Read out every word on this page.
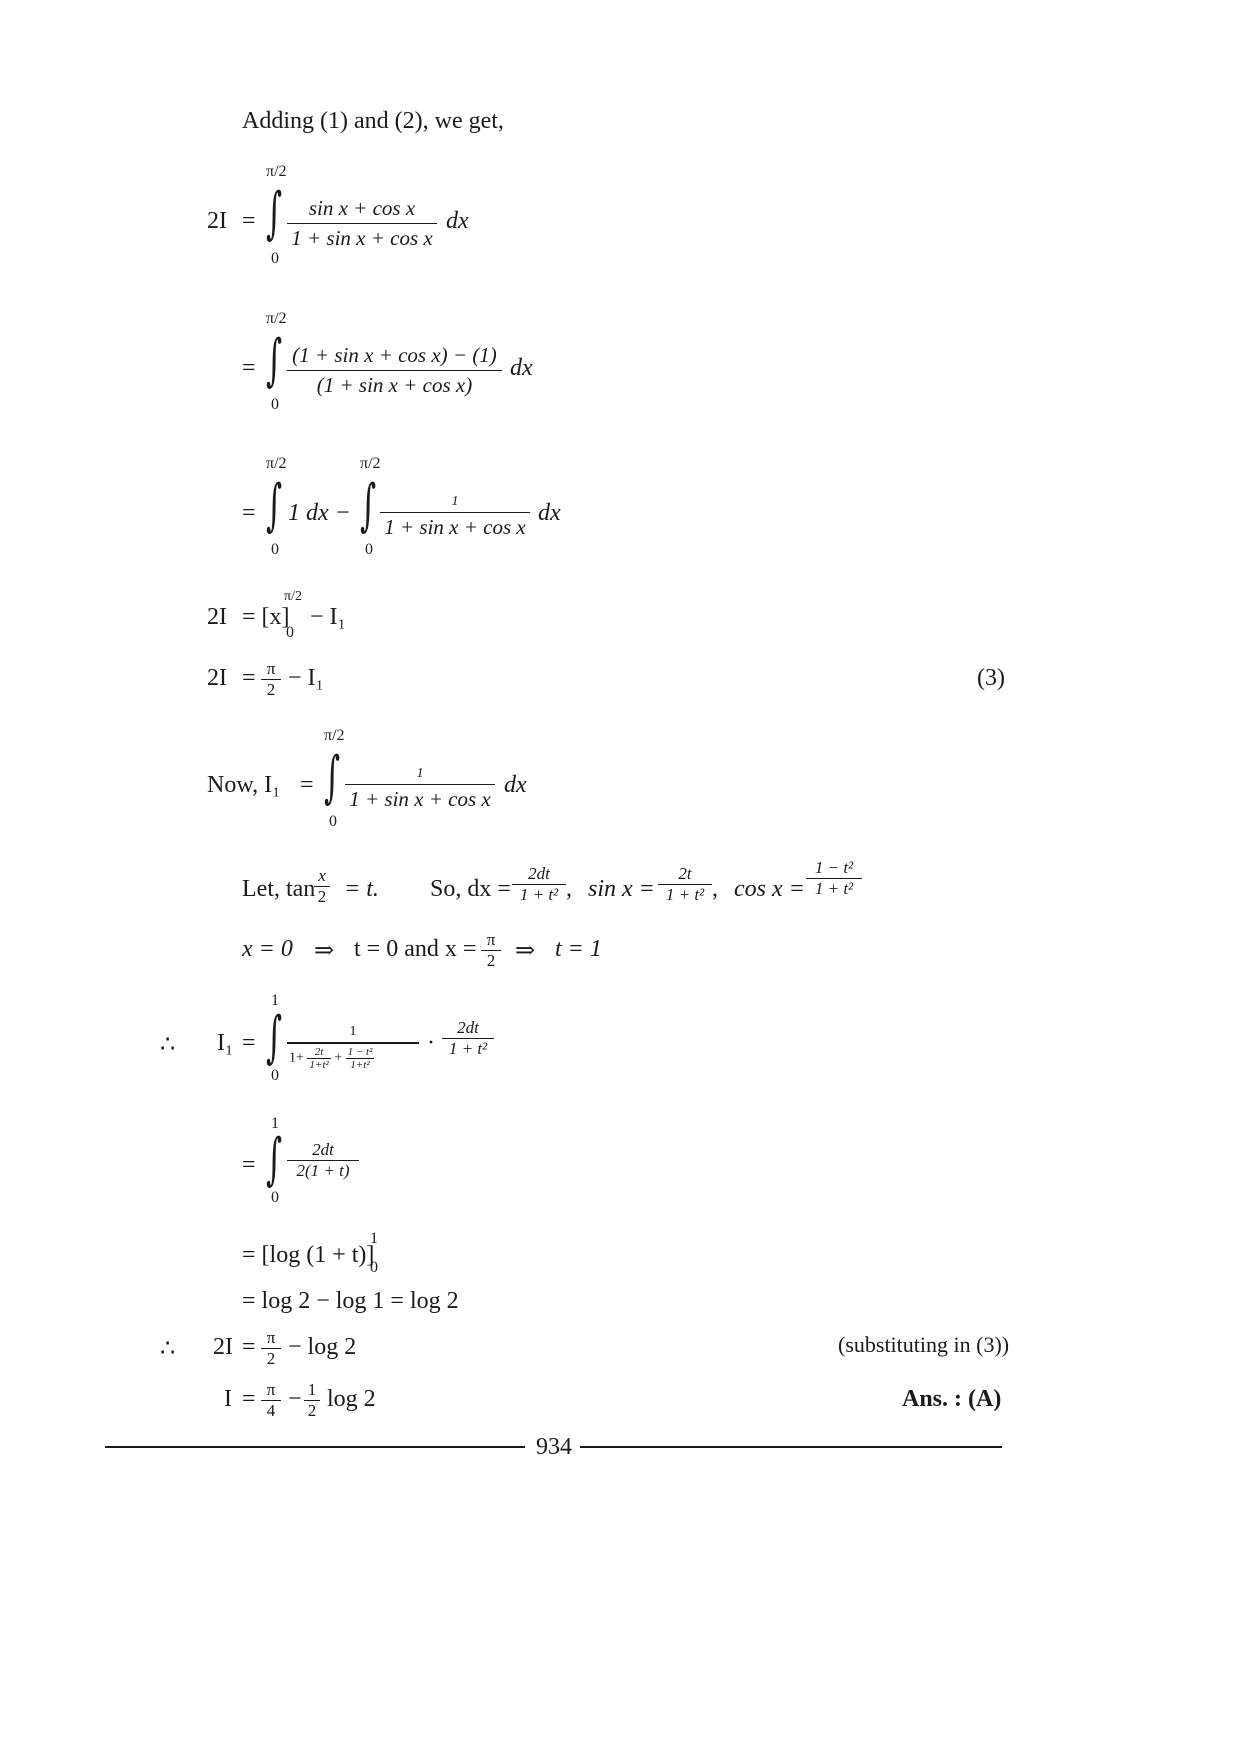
Adding (1) and (2), we get,
2I =
π/2
∫
0
$\frac{\text{sin x + cos x}}{\text{1 + sin x + cos x}}$ dx
=
π/2
∫
0
$\frac{\text{(1 + sin x + cos x) − (1)}}{\text{(1 + sin x + cos x)}}$ dx
=
π/2
∫
0
1 dx −
π/2
∫
0
1
1 + sin x + cos x
dx
2I = [x]
π/2
0
− I₁
$2I = \frac{\pi}{2} - I_1$	(3)
Now, I₁ =
π/2
∫
0
1
1 + sin x + cos x
dx
Let, tan
$\frac{x}{2} = t$. So, dx = $\frac{2dt}{\text{1 + t²}}$ , $\sin x = \frac{2t}{\text{1 + t²}}$ , $\cos x = \frac{\text{1 − t²}}{\text{1 + t²}}$
x = 0 ⇒ t = 0 and $x = \frac{\pi}{2}$ ⇒ t = 1
∴ I₁ =
1
∫
0
1
$1+ \frac{2t}{\text{1+t²}} + \frac{\text{1 − t²}}{\text{1+t²}}$
· $\frac{2dt}{\text{1 + t²}}$
=
1
∫
0
$\frac{2dt}{2(1 + t)}$
= [log (1 + t)]
1
0
= log 2 − log 1 = log 2
∴ $2I = \frac{\pi}{2} - \log 2$	(substituting in (3))
$I = \frac{\pi}{4} - \frac{1}{2}$ log 2	Ans. : (A)
934
